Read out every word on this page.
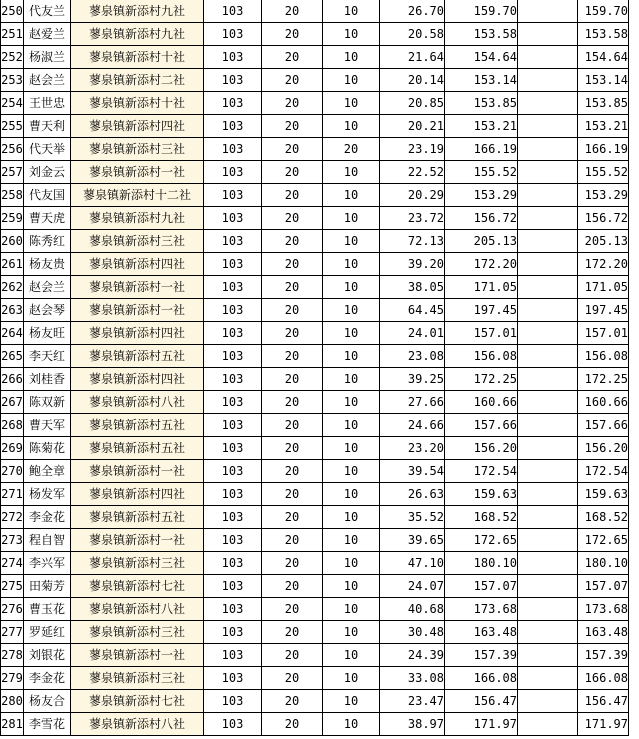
250	代友兰	蓼泉镇新添村九社	103	20	10	26.70	159.70		159.70
251	赵爱兰	蓼泉镇新添村九社	103	20	10	20.58	153.58		153.58
252	杨淑兰	蓼泉镇新添村十社	103	20	10	21.64	154.64		154.64
253	赵会兰	蓼泉镇新添村二社	103	20	10	20.14	153.14		153.14
254	王世忠	蓼泉镇新添村十社	103	20	10	20.85	153.85		153.85
255	曹天利	蓼泉镇新添村四社	103	20	10	20.21	153.21		153.21
256	代天举	蓼泉镇新添村三社	103	20	20	23.19	166.19		166.19
257	刘金云	蓼泉镇新添村一社	103	20	10	22.52	155.52		155.52
258	代友国	蓼泉镇新添村十二社	103	20	10	20.29	153.29		153.29
259	曹天虎	蓼泉镇新添村九社	103	20	10	23.72	156.72		156.72
260	陈秀红	蓼泉镇新添村三社	103	20	10	72.13	205.13		205.13
261	杨友贵	蓼泉镇新添村四社	103	20	10	39.20	172.20		172.20
262	赵会兰	蓼泉镇新添村一社	103	20	10	38.05	171.05		171.05
263	赵会琴	蓼泉镇新添村一社	103	20	10	64.45	197.45		197.45
264	杨友旺	蓼泉镇新添村四社	103	20	10	24.01	157.01		157.01
265	李天红	蓼泉镇新添村五社	103	20	10	23.08	156.08		156.08
266	刘桂香	蓼泉镇新添村四社	103	20	10	39.25	172.25		172.25
267	陈双新	蓼泉镇新添村八社	103	20	10	27.66	160.66		160.66
268	曹天军	蓼泉镇新添村五社	103	20	10	24.66	157.66		157.66
269	陈菊花	蓼泉镇新添村五社	103	20	10	23.20	156.20		156.20
270	鲍全章	蓼泉镇新添村一社	103	20	10	39.54	172.54		172.54
271	杨发军	蓼泉镇新添村四社	103	20	10	26.63	159.63		159.63
272	李金花	蓼泉镇新添村五社	103	20	10	35.52	168.52		168.52
273	程自智	蓼泉镇新添村一社	103	20	10	39.65	172.65		172.65
274	李兴军	蓼泉镇新添村三社	103	20	10	47.10	180.10		180.10
275	田菊芳	蓼泉镇新添村七社	103	20	10	24.07	157.07		157.07
276	曹玉花	蓼泉镇新添村八社	103	20	10	40.68	173.68		173.68
277	罗延红	蓼泉镇新添村三社	103	20	10	30.48	163.48		163.48
278	刘银花	蓼泉镇新添村一社	103	20	10	24.39	157.39		157.39
279	李金花	蓼泉镇新添村三社	103	20	10	33.08	166.08		166.08
280	杨友合	蓼泉镇新添村七社	103	20	10	23.47	156.47		156.47
281	李雪花	蓼泉镇新添村八社	103	20	10	38.97	171.97		171.97
